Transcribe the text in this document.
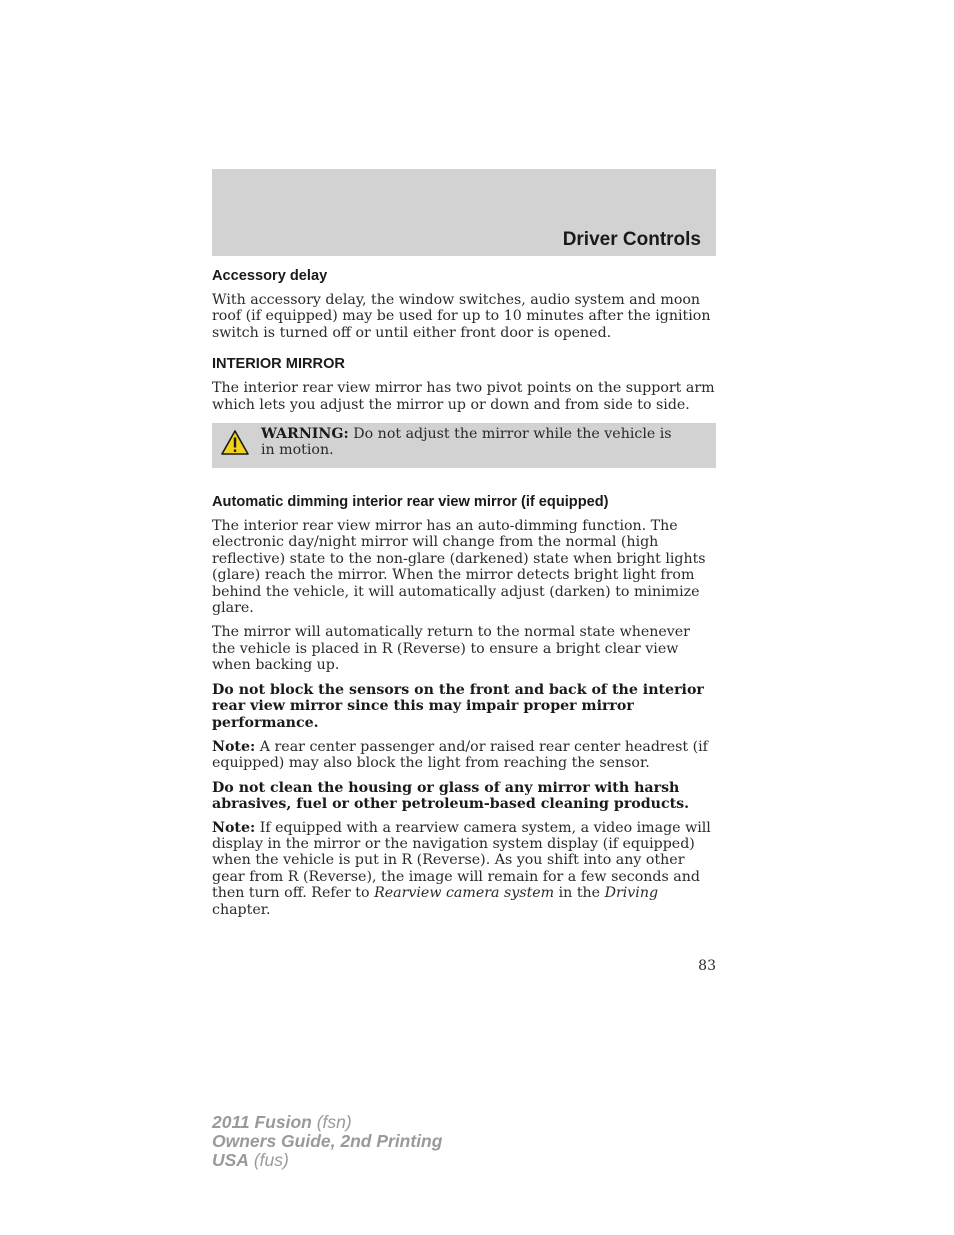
Driver Controls
Accessory delay

With accessory delay, the window switches, audio system and moon roof (if equipped) may be used for up to 10 minutes after the ignition switch is turned off or until either front door is opened.

INTERIOR MIRROR

The interior rear view mirror has two pivot points on the support arm which lets you adjust the mirror up or down and from side to side.

WARNING: Do not adjust the mirror while the vehicle is in motion.

Automatic dimming interior rear view mirror (if equipped)

The interior rear view mirror has an auto-dimming function. The electronic day/night mirror will change from the normal (high reflective) state to the non-glare (darkened) state when bright lights (glare) reach the mirror. When the mirror detects bright light from behind the vehicle, it will automatically adjust (darken) to minimize glare.

The mirror will automatically return to the normal state whenever the vehicle is placed in R (Reverse) to ensure a bright clear view when backing up.

Do not block the sensors on the front and back of the interior rear view mirror since this may impair proper mirror performance.

Note: A rear center passenger and/or raised rear center headrest (if equipped) may also block the light from reaching the sensor.

Do not clean the housing or glass of any mirror with harsh abrasives, fuel or other petroleum-based cleaning products.

Note: If equipped with a rearview camera system, a video image will display in the mirror or the navigation system display (if equipped) when the vehicle is put in R (Reverse). As you shift into any other gear from R (Reverse), the image will remain for a few seconds and then turn off. Refer to Rearview camera system in the Driving chapter.

83
2011 Fusion (fsn)
Owners Guide, 2nd Printing
USA (fus)
